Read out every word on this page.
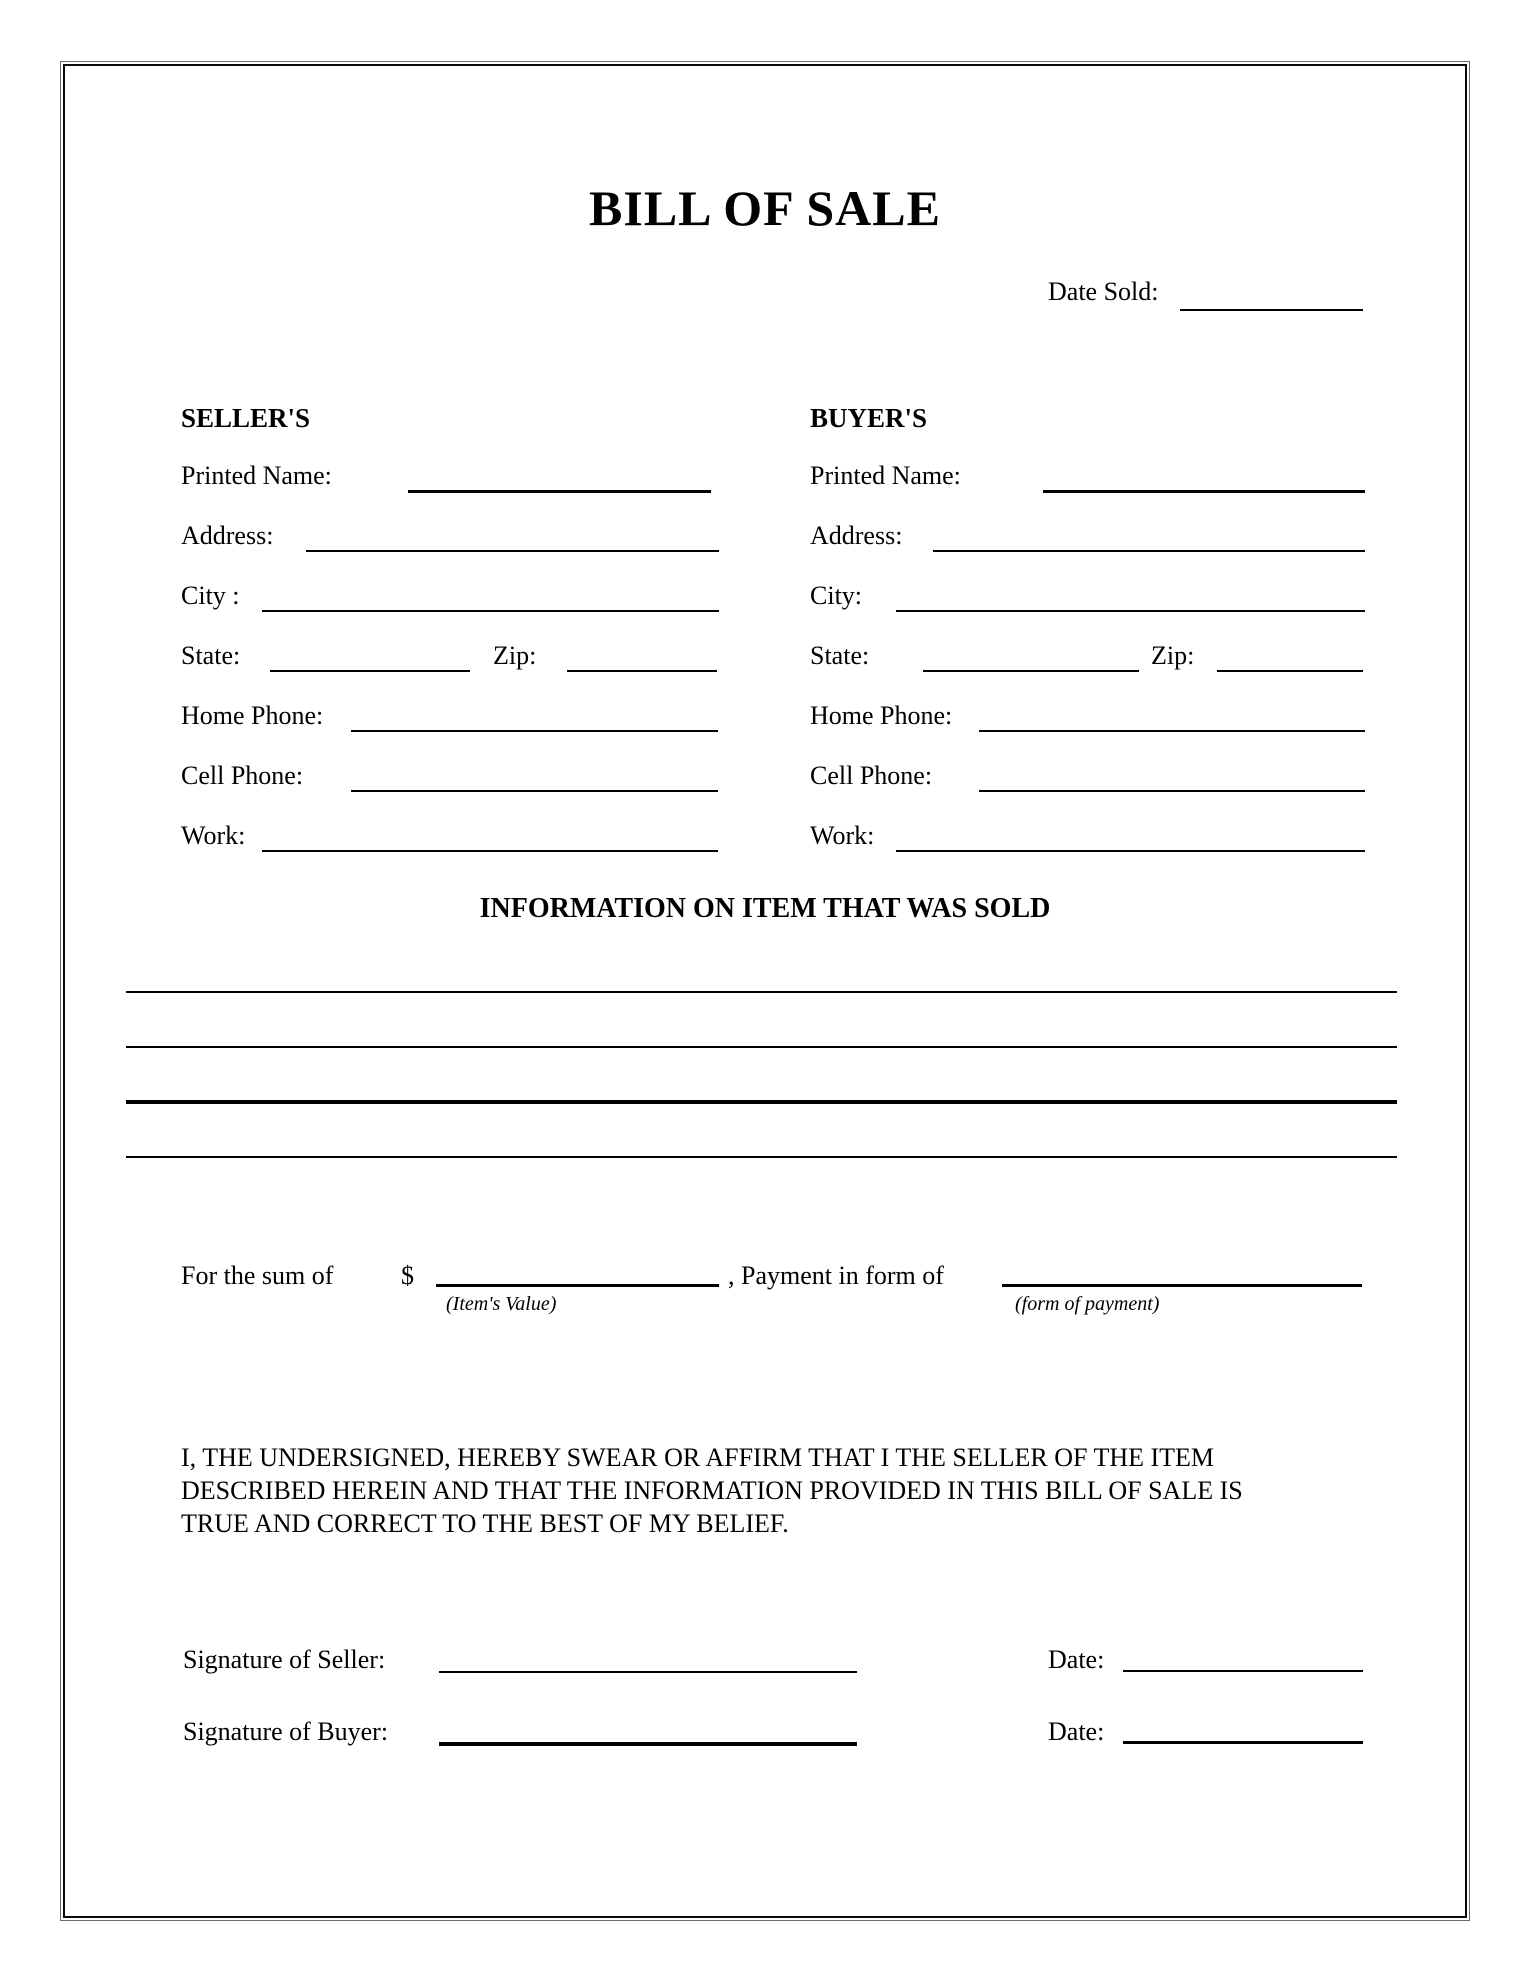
BILL OF SALE
Date Sold:
SELLER'S
Printed Name:
Address:
City :
State:	Zip:
Home Phone:
Cell Phone:
Work:
BUYER'S
Printed Name:
Address:
City:
State:	Zip:
Home Phone:
Cell Phone:
Work:
INFORMATION ON ITEM THAT WAS SOLD
For the sum of	$
(Item's Value)
, Payment in form of
(form of payment)
I, THE UNDERSIGNED, HEREBY SWEAR OR AFFIRM THAT I THE SELLER OF THE ITEM
DESCRIBED HEREIN AND THAT THE INFORMATION PROVIDED IN THIS BILL OF SALE IS
TRUE AND CORRECT TO THE BEST OF MY BELIEF.
Signature of Seller:	Date:
Signature of Buyer:	Date:
